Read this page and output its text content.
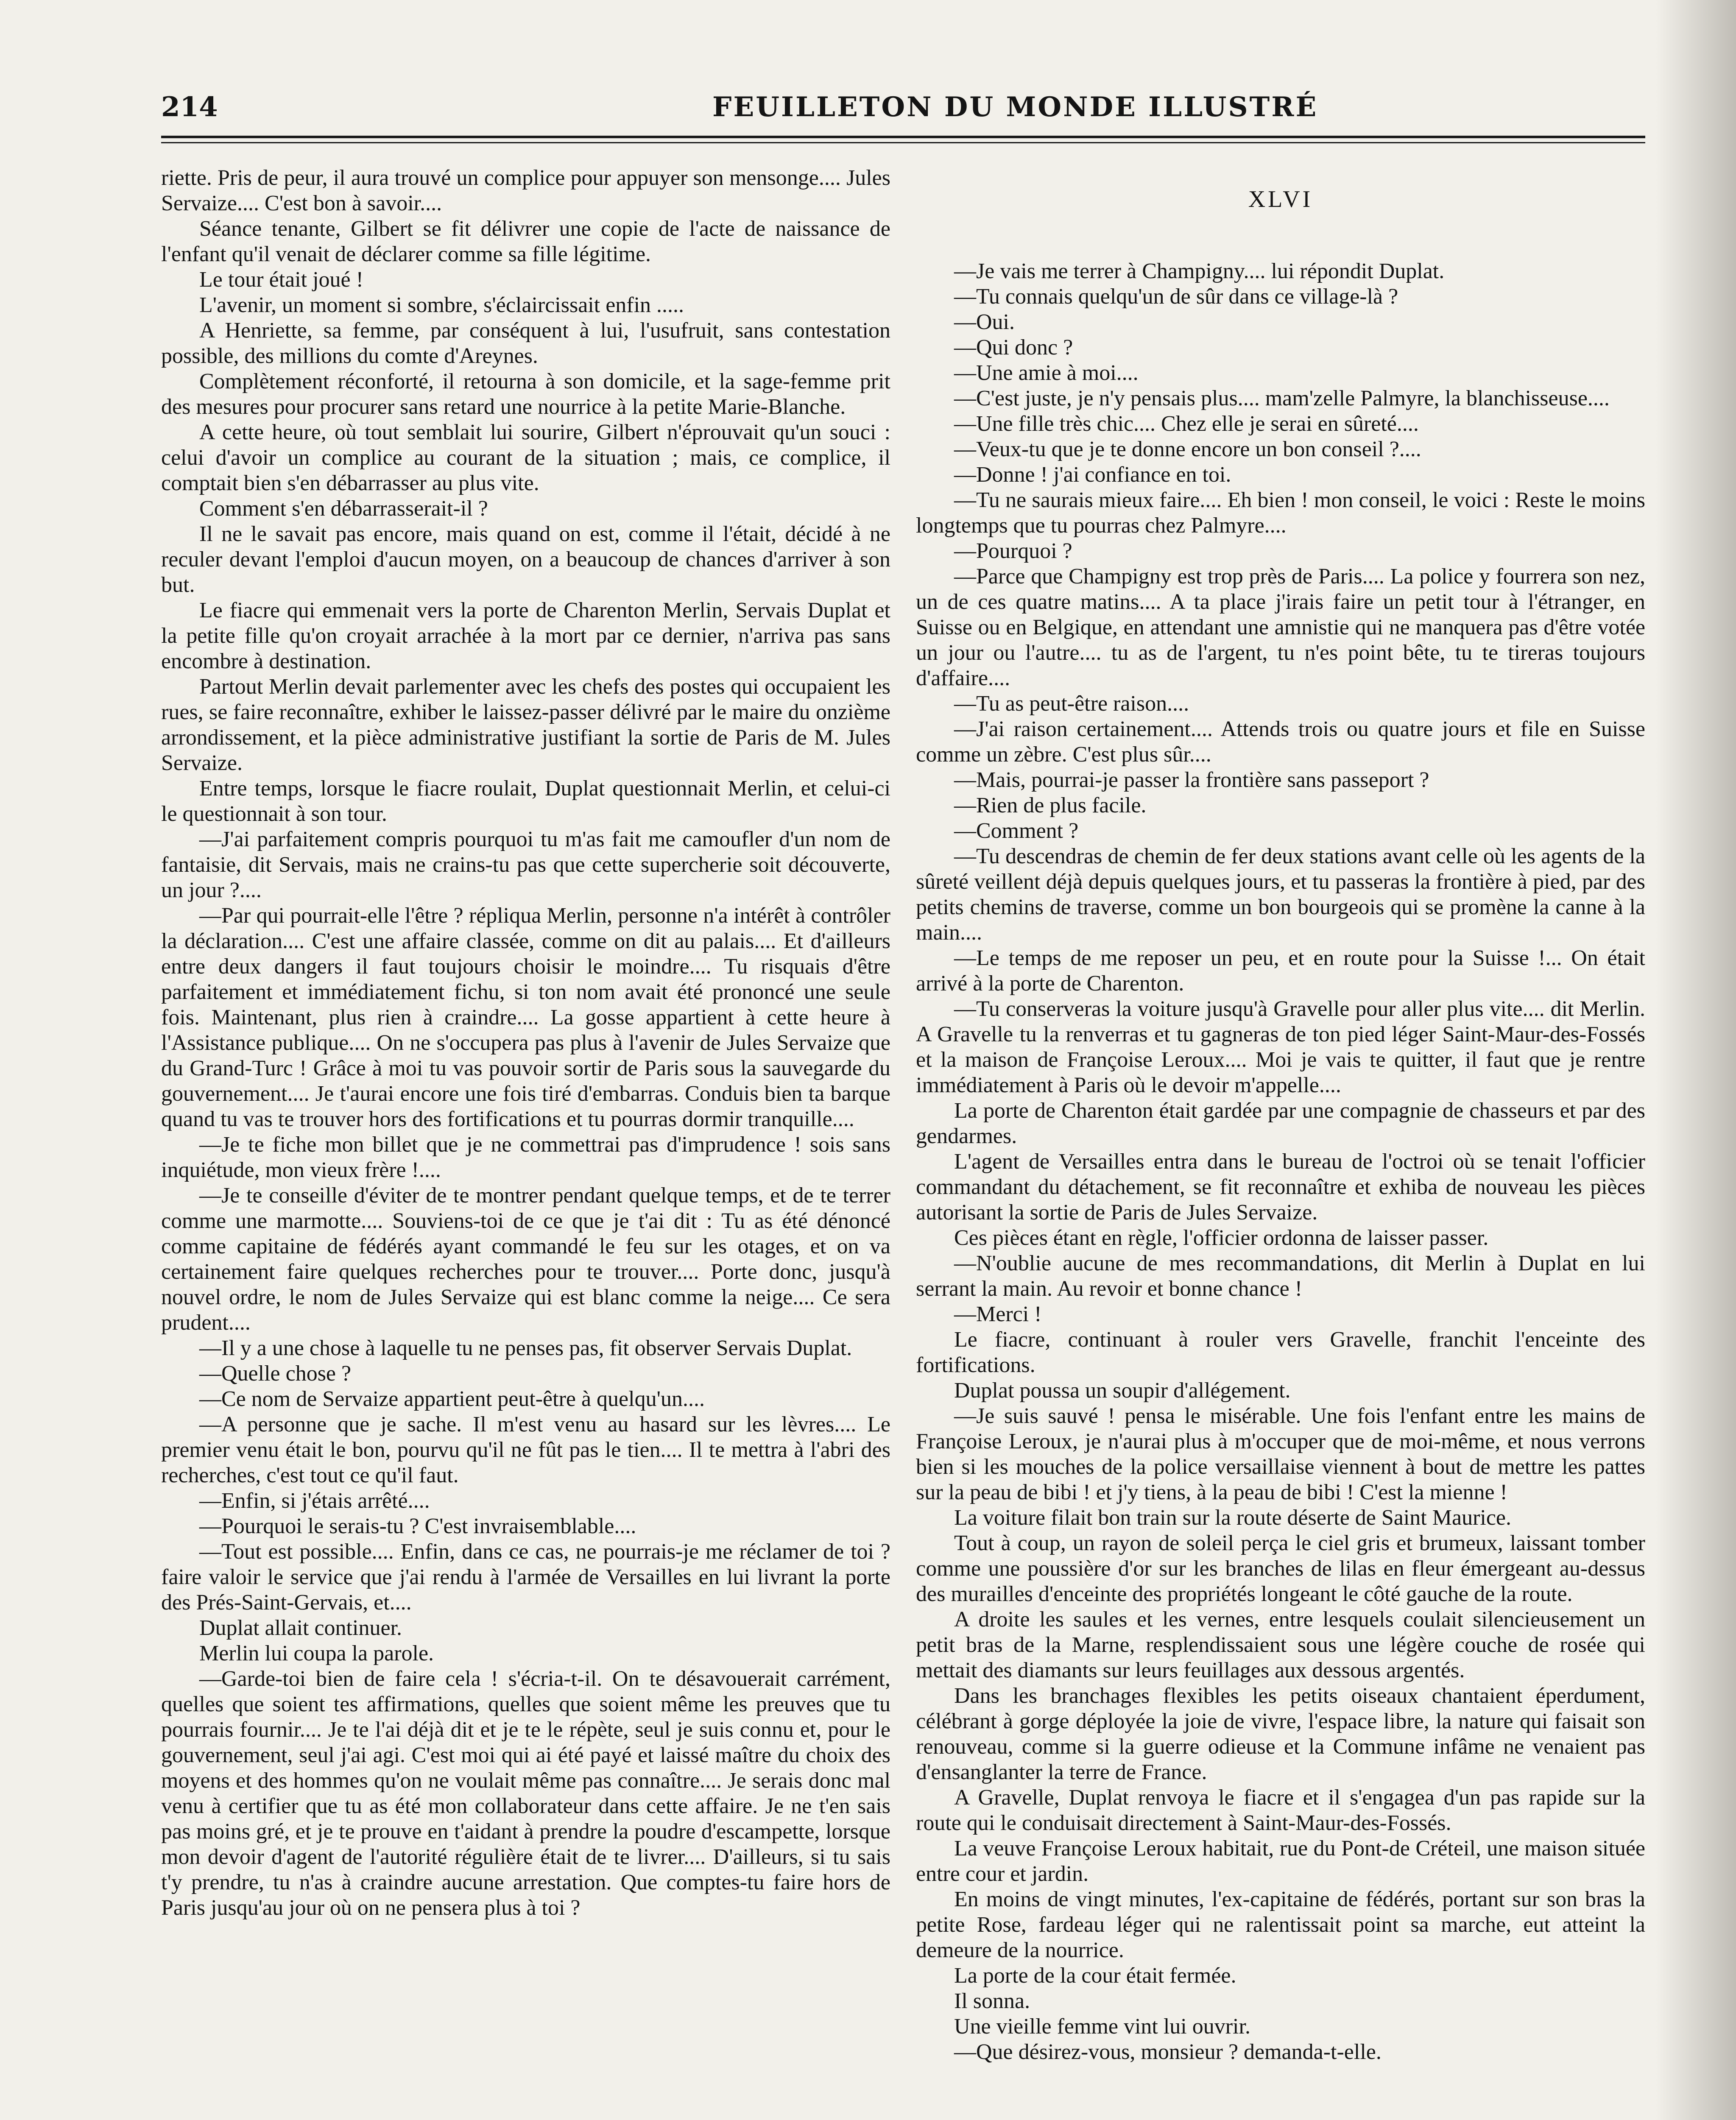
214	FEUILLETON DU MONDE ILLUSTRÉ

riette. Pris de peur, il aura trouvé un complice pour appuyer son mensonge.... Jules Servaize.... C'est bon à savoir....

Séance tenante, Gilbert se fit délivrer une copie de l'acte de naissance de l'enfant qu'il venait de déclarer comme sa fille légitime.

Le tour était joué !

L'avenir, un moment si sombre, s'éclaircissait enfin .....

A Henriette, sa femme, par conséquent à lui, l'usufruit, sans contestation possible, des millions du comte d'Areynes.

Complètement réconforté, il retourna à son domicile, et la sage-femme prit des mesures pour procurer sans retard une nourrice à la petite Marie-Blanche.

A cette heure, où tout semblait lui sourire, Gilbert n'éprouvait qu'un souci : celui d'avoir un complice au courant de la situation ; mais, ce complice, il comptait bien s'en débarrasser au plus vite.

Comment s'en débarrasserait-il ?

Il ne le savait pas encore, mais quand on est, comme il l'était, décidé à ne reculer devant l'emploi d'aucun moyen, on a beaucoup de chances d'arriver à son but.

Le fiacre qui emmenait vers la porte de Charenton Merlin, Servais Duplat et la petite fille qu'on croyait arrachée à la mort par ce dernier, n'arriva pas sans encombre à destination.

Partout Merlin devait parlementer avec les chefs des postes qui occupaient les rues, se faire reconnaître, exhiber le laissez-passer délivré par le maire du onzième arrondissement, et la pièce administrative justifiant la sortie de Paris de M. Jules Servaize.

Entre temps, lorsque le fiacre roulait, Duplat questionnait Merlin, et celui-ci le questionnait à son tour.

—J'ai parfaitement compris pourquoi tu m'as fait me camoufler d'un nom de fantaisie, dit Servais, mais ne crains-tu pas que cette supercherie soit découverte, un jour ?....

—Par qui pourrait-elle l'être ? répliqua Merlin, personne n'a intérêt à contrôler la déclaration.... C'est une affaire classée, comme on dit au palais.... Et d'ailleurs entre deux dangers il faut toujours choisir le moindre.... Tu risquais d'être parfaitement et immédiatement fichu, si ton nom avait été prononcé une seule fois. Maintenant, plus rien à craindre.... La gosse appartient à cette heure à l'Assistance publique.... On ne s'occupera pas plus à l'avenir de Jules Servaize que du Grand-Turc ! Grâce à moi tu vas pouvoir sortir de Paris sous la sauvegarde du gouvernement.... Je t'aurai encore une fois tiré d'embarras. Conduis bien ta barque quand tu vas te trouver hors des fortifications et tu pourras dormir tranquille....

—Je te fiche mon billet que je ne commettrai pas d'imprudence ! sois sans inquiétude, mon vieux frère !....

—Je te conseille d'éviter de te montrer pendant quelque temps, et de te terrer comme une marmotte.... Souviens-toi de ce que je t'ai dit : Tu as été dénoncé comme capitaine de fédérés ayant commandé le feu sur les otages, et on va certainement faire quelques recherches pour te trouver.... Porte donc, jusqu'à nouvel ordre, le nom de Jules Servaize qui est blanc comme la neige.... Ce sera prudent....

—Il y a une chose à laquelle tu ne penses pas, fit observer Servais Duplat.

—Quelle chose ?

—Ce nom de Servaize appartient peut-être à quelqu'un....

—A personne que je sache. Il m'est venu au hasard sur les lèvres.... Le premier venu était le bon, pourvu qu'il ne fût pas le tien.... Il te mettra à l'abri des recherches, c'est tout ce qu'il faut.

—Enfin, si j'étais arrêté....

—Pourquoi le serais-tu ? C'est invraisemblable....

—Tout est possible.... Enfin, dans ce cas, ne pourrais-je me réclamer de toi ? faire valoir le service que j'ai rendu à l'armée de Versailles en lui livrant la porte des Prés-Saint-Gervais, et....

Duplat allait continuer.

Merlin lui coupa la parole.

—Garde-toi bien de faire cela ! s'écria-t-il. On te désavouerait carrément, quelles que soient tes affirmations, quelles que soient même les preuves que tu pourrais fournir.... Je te l'ai déjà dit et je te le répète, seul je suis connu et, pour le gouvernement, seul j'ai agi. C'est moi qui ai été payé et laissé maître du choix des moyens et des hommes qu'on ne voulait même pas connaître.... Je serais donc mal venu à certifier que tu as été mon collaborateur dans cette affaire. Je ne t'en sais pas moins gré, et je te prouve en t'aidant à prendre la poudre d'escampette, lorsque mon devoir d'agent de l'autorité régulière était de te livrer.... D'ailleurs, si tu sais t'y prendre, tu n'as à craindre aucune arrestation. Que comptes-tu faire hors de Paris jusqu'au jour où on ne pensera plus à toi ?

XLVI

—Je vais me terrer à Champigny.... lui répondit Duplat.

—Tu connais quelqu'un de sûr dans ce village-là ?

—Oui.

—Qui donc ?

—Une amie à moi....

—C'est juste, je n'y pensais plus.... mam'zelle Palmyre, la blanchisseuse....

—Une fille très chic.... Chez elle je serai en sûreté....

—Veux-tu que je te donne encore un bon conseil ?....

—Donne ! j'ai confiance en toi.

—Tu ne saurais mieux faire.... Eh bien ! mon conseil, le voici : Reste le moins longtemps que tu pourras chez Palmyre....

—Pourquoi ?

—Parce que Champigny est trop près de Paris.... La police y fourrera son nez, un de ces quatre matins.... A ta place j'irais faire un petit tour à l'étranger, en Suisse ou en Belgique, en attendant une amnistie qui ne manquera pas d'être votée un jour ou l'autre.... tu as de l'argent, tu n'es point bête, tu te tireras toujours d'affaire....

—Tu as peut-être raison....

—J'ai raison certainement.... Attends trois ou quatre jours et file en Suisse comme un zèbre. C'est plus sûr....

—Mais, pourrai-je passer la frontière sans passeport ?

—Rien de plus facile.

—Comment ?

—Tu descendras de chemin de fer deux stations avant celle où les agents de la sûreté veillent déjà depuis quelques jours, et tu passeras la frontière à pied, par des petits chemins de traverse, comme un bon bourgeois qui se promène la canne à la main....

—Le temps de me reposer un peu, et en route pour la Suisse !... On était arrivé à la porte de Charenton.

—Tu conserveras la voiture jusqu'à Gravelle pour aller plus vite.... dit Merlin. A Gravelle tu la renverras et tu gagneras de ton pied léger Saint-Maur-des-Fossés et la maison de Françoise Leroux.... Moi je vais te quitter, il faut que je rentre immédiatement à Paris où le devoir m'appelle....

La porte de Charenton était gardée par une compagnie de chasseurs et par des gendarmes.

L'agent de Versailles entra dans le bureau de l'octroi où se tenait l'officier commandant du détachement, se fit reconnaître et exhiba de nouveau les pièces autorisant la sortie de Paris de Jules Servaize.

Ces pièces étant en règle, l'officier ordonna de laisser passer.

—N'oublie aucune de mes recommandations, dit Merlin à Duplat en lui serrant la main. Au revoir et bonne chance !

—Merci !

Le fiacre, continuant à rouler vers Gravelle, franchit l'enceinte des fortifications.

Duplat poussa un soupir d'allégement.

—Je suis sauvé ! pensa le misérable. Une fois l'enfant entre les mains de Françoise Leroux, je n'aurai plus à m'occuper que de moi-même, et nous verrons bien si les mouches de la police versaillaise viennent à bout de mettre les pattes sur la peau de bibi ! et j'y tiens, à la peau de bibi ! C'est la mienne !

La voiture filait bon train sur la route déserte de Saint Maurice.

Tout à coup, un rayon de soleil perça le ciel gris et brumeux, laissant tomber comme une poussière d'or sur les branches de lilas en fleur émergeant au-dessus des murailles d'enceinte des propriétés longeant le côté gauche de la route.

A droite les saules et les vernes, entre lesquels coulait silencieusement un petit bras de la Marne, resplendissaient sous une légère couche de rosée qui mettait des diamants sur leurs feuillages aux dessous argentés.

Dans les branchages flexibles les petits oiseaux chantaient éperdument, célébrant à gorge déployée la joie de vivre, l'espace libre, la nature qui faisait son renouveau, comme si la guerre odieuse et la Commune infâme ne venaient pas d'ensanglanter la terre de France.

A Gravelle, Duplat renvoya le fiacre et il s'engagea d'un pas rapide sur la route qui le conduisait directement à Saint-Maur-des-Fossés.

La veuve Françoise Leroux habitait, rue du Pont-de Créteil, une maison située entre cour et jardin.

En moins de vingt minutes, l'ex-capitaine de fédérés, portant sur son bras la petite Rose, fardeau léger qui ne ralentissait point sa marche, eut atteint la demeure de la nourrice.

La porte de la cour était fermée.

Il sonna.

Une vieille femme vint lui ouvrir.

—Que désirez-vous, monsieur ? demanda-t-elle.
